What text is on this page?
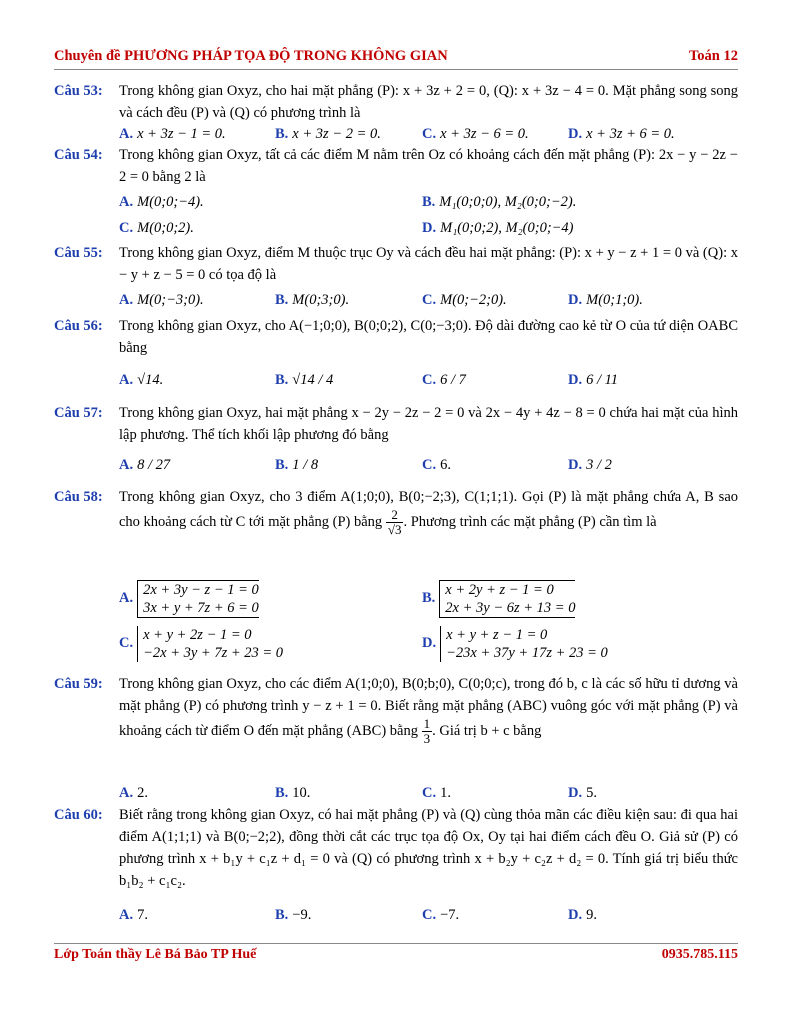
Chuyên đề PHƯƠNG PHÁP TỌA ĐỘ TRONG KHÔNG GIAN	Toán 12
Câu 53: Trong không gian Oxyz, cho hai mặt phẳng (P): x + 3z + 2 = 0, (Q): x + 3z − 4 = 0. Mặt phẳng song song và cách đều (P) và (Q) có phương trình là
A. x + 3z − 1 = 0.	B. x + 3z − 2 = 0.	C. x + 3z − 6 = 0.	D. x + 3z + 6 = 0.
Câu 54: Trong không gian Oxyz, tất cả các điểm M nằm trên Oz có khoảng cách đến mặt phẳng (P): 2x − y − 2z − 2 = 0 bằng 2 là
A. M(0;0;−4).	B. M₁(0;0;0), M₂(0;0;−2).
C. M(0;0;2).	D. M₁(0;0;2), M₂(0;0;−4)
Câu 55: Trong không gian Oxyz, điểm M thuộc trục Oy và cách đều hai mặt phẳng: (P): x + y − z + 1 = 0 và (Q): x − y + z − 5 = 0 có tọa độ là
A. M(0;−3;0).	B. M(0;3;0).	C. M(0;−2;0).	D. M(0;1;0).
Câu 56: Trong không gian Oxyz, cho A(−1;0;0), B(0;0;2), C(0;−3;0). Độ dài đường cao kẻ từ O của tứ diện OABC bằng
A. √14.	B. √14 / 4	C. 6 / 7	D. 6 / 11
Câu 57: Trong không gian Oxyz, hai mặt phẳng x − 2y − 2z − 2 = 0 và 2x − 4y + 4z − 8 = 0 chứa hai mặt của hình lập phương. Thể tích khối lập phương đó bằng
A. 8 / 27	B. 1 / 8	C. 6.	D. 3 / 2
Câu 58: Trong không gian Oxyz, cho 3 điểm A(1;0;0), B(0;−2;3), C(1;1;1). Gọi (P) là mặt phẳng chứa A, B sao cho khoảng cách từ C tới mặt phẳng (P) bằng $\frac{2}{√3}$ . Phương trình các mặt phẳng (P) cần tìm là
A.2x + 3y − z − 1 = 0
3x + y + 7z + 6 = 0
B.x + 2y + z − 1 = 0
2x + 3y − 6z + 13 = 0
C.x + y + 2z − 1 = 0
−2x + 3y + 7z + 23 = 0
D.x + y + z − 1 = 0
−23x + 37y + 17z + 23 = 0
Câu 59: Trong không gian Oxyz, cho các điểm A(1;0;0), B(0;b;0), C(0;0;c), trong đó b, c là các số hữu tỉ dương và mặt phẳng (P) có phương trình y − z + 1 = 0. Biết rằng mặt phẳng (ABC) vuông góc với mặt phẳng (P) và khoảng cách từ điểm O đến mặt phẳng (ABC) bằng $\frac{1}{3}$ . Giá trị b + c bằng
A. 2.	B. 10.	C. 1.	D. 5.
Câu 60: Biết rằng trong không gian Oxyz, có hai mặt phẳng (P) và (Q) cùng thỏa mãn các điều kiện sau: đi qua hai điểm A(1;1;1) và B(0;−2;2), đồng thời cắt các trục tọa độ Ox, Oy tại hai điểm cách đều O. Giả sử (P) có phương trình x + b₁y + c₁z + d₁ = 0 và (Q) có phương trình x + b₂y + c₂z + d₂ = 0. Tính giá trị biểu thức b₁b₂ + c₁c₂.
A. 7.	B. −9.	C. −7.	D. 9.
Lớp Toán thầy Lê Bá Bảo TP Huế	0935.785.115
